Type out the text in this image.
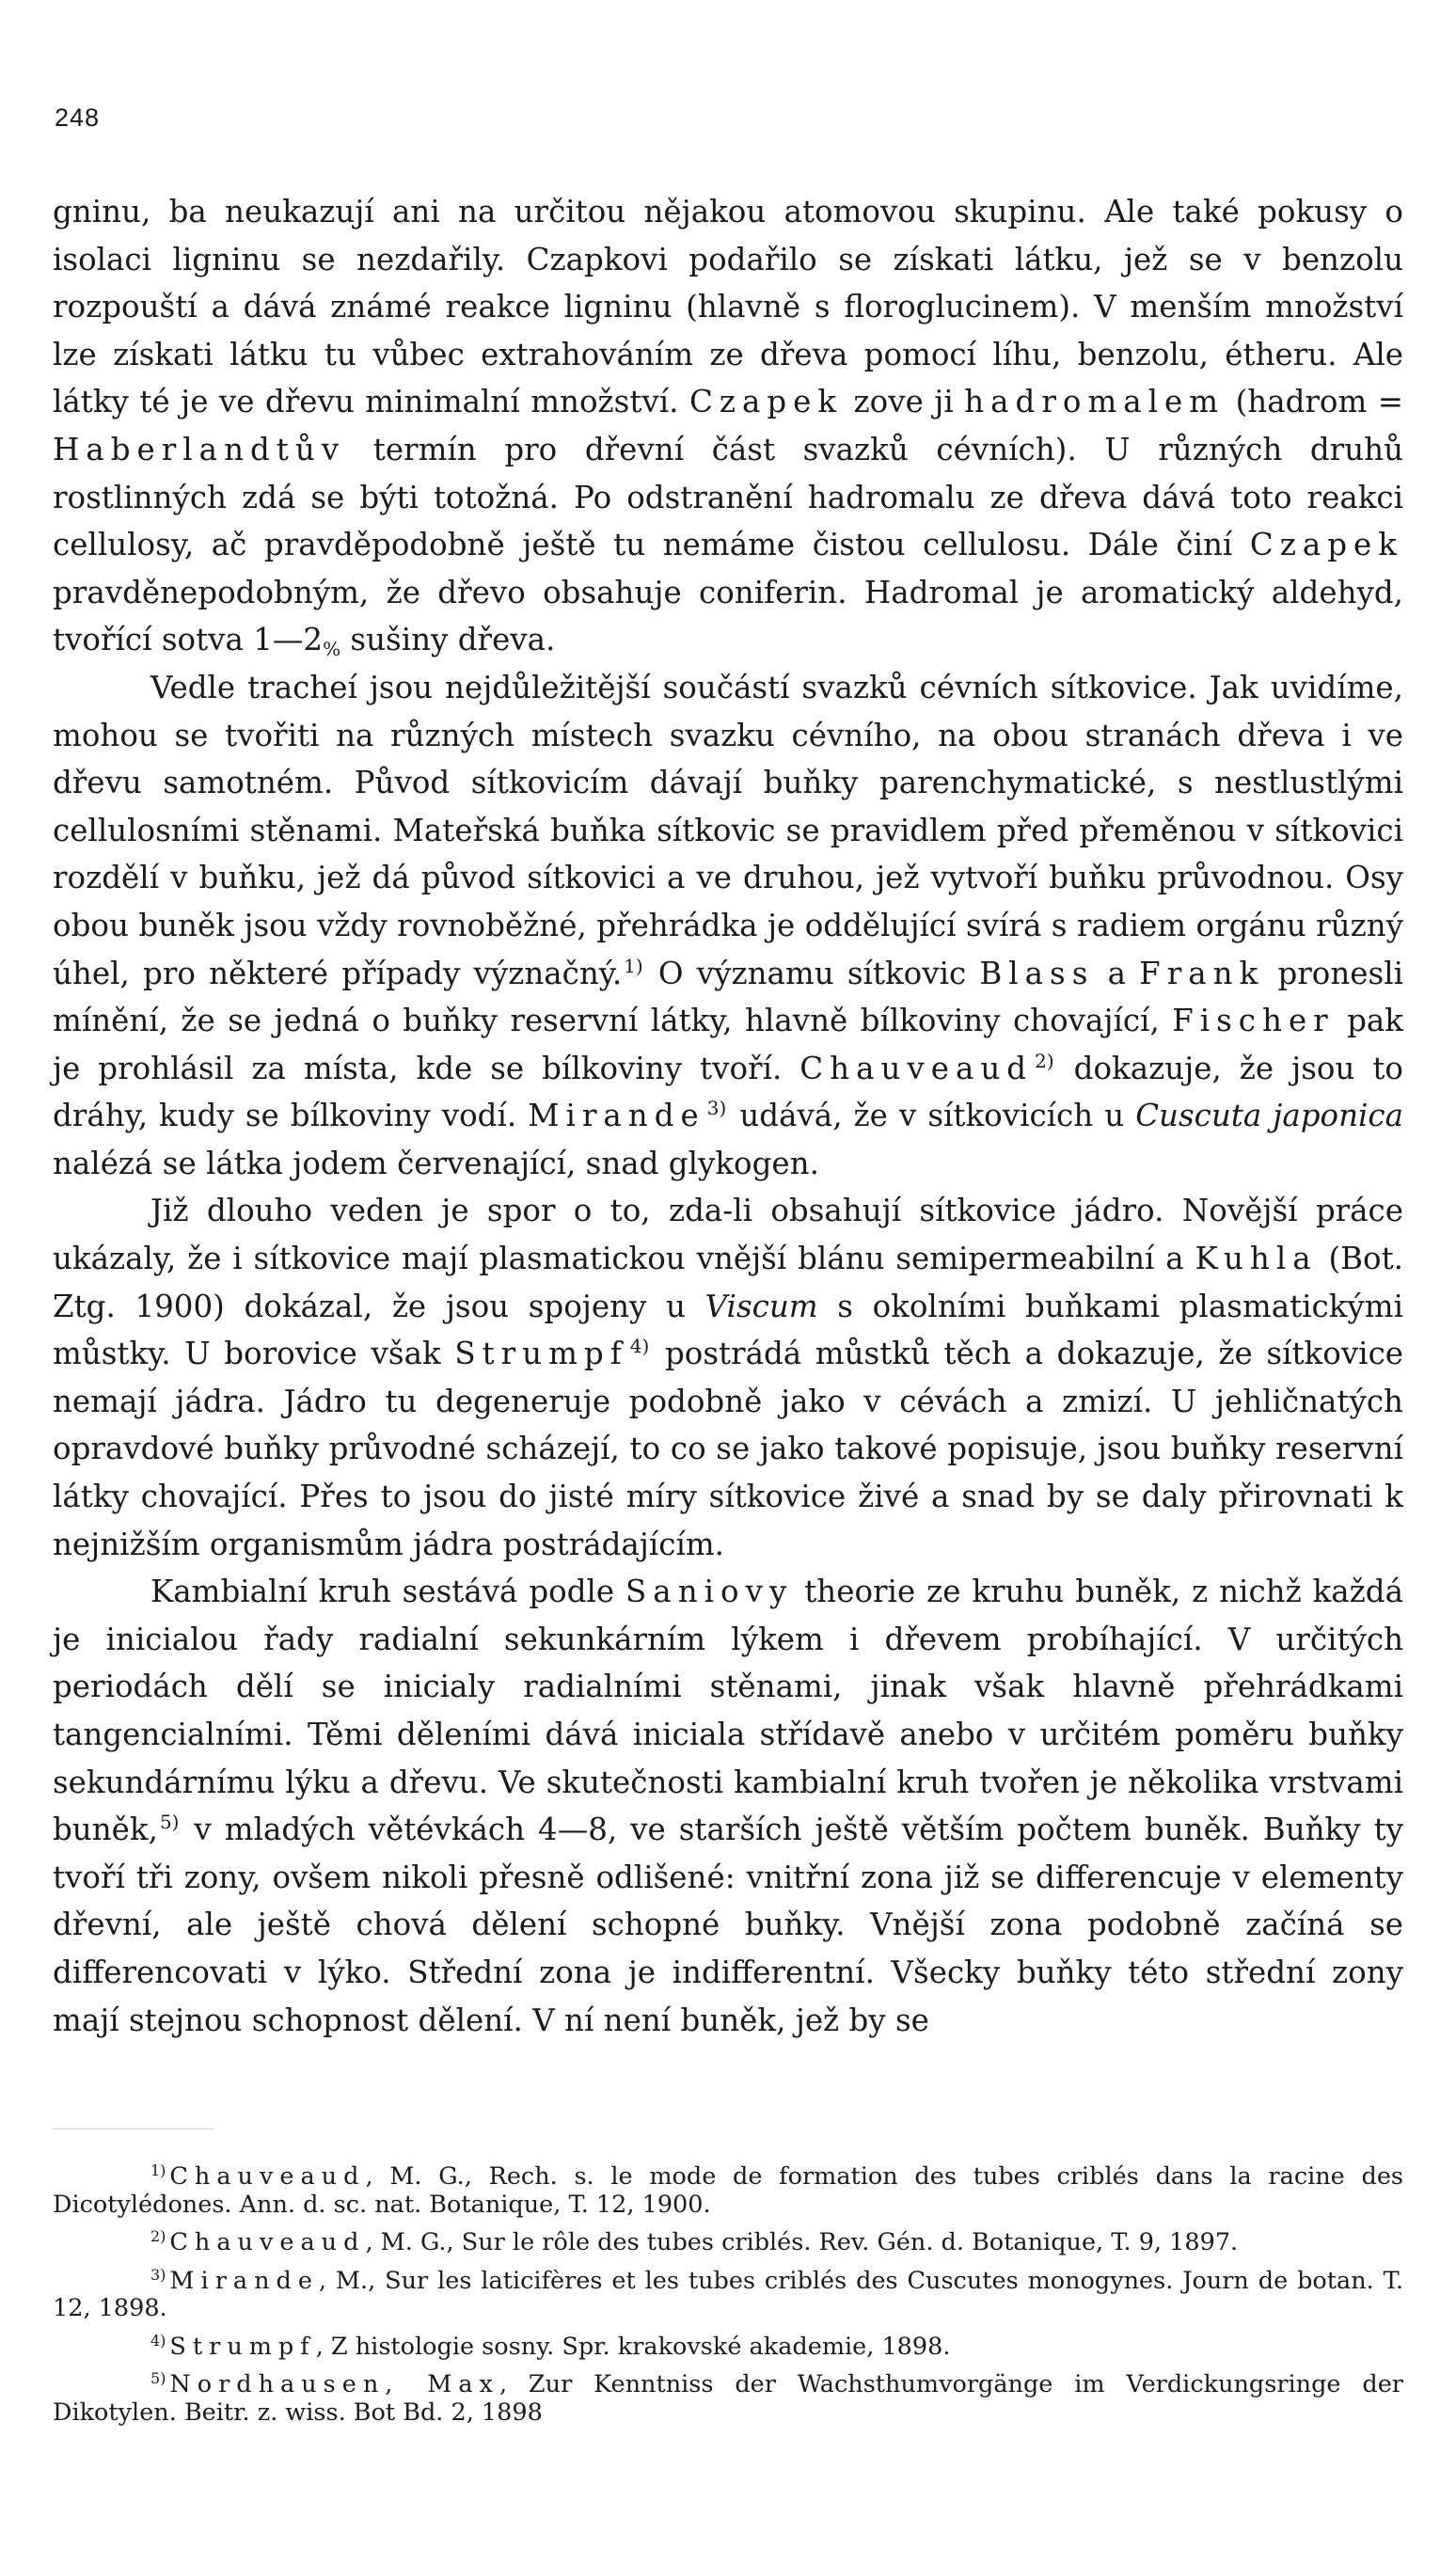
248

gninu, ba neukazují ani na určitou nějakou atomovou skupinu. Ale také pokusy o isolaci ligninu se nezdařily. Czapkovi podařilo se získati látku, jež se v benzolu rozpouští a dává známé reakce ligninu (hlavně s floroglucinem). V menším množství lze získati látku tu vůbec extrahováním ze dřeva pomocí líhu, benzolu, étheru. Ale látky té je ve dřevu minimalní množství. Czapek zove ji hadromalem (hadrom = Haberlandtův termín pro dřevní část svazků cévních). U různých druhů rostlinných zdá se býti totožná. Po odstranění hadromalu ze dřeva dává toto reakci cellulosy, ač pravděpodobně ještě tu nemáme čistou cellulosu. Dále činí Czapek pravděnepodobným, že dřevo obsahuje coniferin. Hadromal je aromatický aldehyd, tvořící sotva $1—2_{\%}$ sušiny dřeva.

Vedle tracheí jsou nejdůležitější součástí svazků cévních sítkovice. Jak uvidíme, mohou se tvořiti na různých místech svazku cévního, na obou stranách dřeva i ve dřevu samotném. Původ sítkovicím dávají buňky parenchymatické, s nestlustlými cellulosními stěnami. Mateřská buňka sítkovic se pravidlem před přeměnou v sítkovici rozdělí v buňku, jež dá původ sítkovici a ve druhou, jež vytvoří buňku průvodnou. Osy obou buněk jsou vždy rovnoběžné, přehrádka je oddělující svírá s radiem orgánu různý úhel, pro některé případy význačný. $^{1)}$ O významu sítkovic Blass a Frank pronesli mínění, že se jedná o buňky reservní látky, hlavně bílkoviny chovající, Fischer pak je prohlásil za místa, kde se bílkoviny tvoří. Chauveaud $^{2)}$ dokazuje, že jsou to dráhy, kudy se bílkoviny vodí. Mirande $^{3)}$ udává, že v sítkovicích u Cuscuta japonica nalézá se látka jodem červenající, snad glykogen.

Již dlouho veden je spor o to, zda-li obsahují sítkovice jádro. Novější práce ukázaly, že i sítkovice mají plasmatickou vnější blánu semipermeabilní a Kuhla (Bot. Ztg. 1900) dokázal, že jsou spojeny u Viscum s okolními buňkami plasmatickými můstky. U borovice však Strumpf $^{4)}$ postrádá můstků těch a dokazuje, že sítkovice nemají jádra. Jádro tu degeneruje podobně jako v cévách a zmizí. U jehličnatých opravdové buňky průvodné scházejí, to co se jako takové popisuje, jsou buňky reservní látky chovající. Přes to jsou do jisté míry sítkovice živé a snad by se daly přirovnati k nejnižším organismům jádra postrádajícím.

Kambialní kruh sestává podle Saniovy theorie ze kruhu buněk, z nichž každá je inicialou řady radialní sekunkárním lýkem i dřevem probíhající. V určitých periodách dělí se inicialy radialními stěnami, jinak však hlavně přehrádkami tangencialními. Těmi děleními dává iniciala střídavě anebo v určitém poměru buňky sekundárnímu lýku a dřevu. Ve skutečnosti kambialní kruh tvořen je několika vrstvami buněk, $^{5)}$ v mladých větévkách 4—8, ve starších ještě větším počtem buněk. Buňky ty tvoří tři zony, ovšem nikoli přesně odlišené: vnitřní zona již se differencuje v elementy dřevní, ale ještě chová dělení schopné buňky. Vnější zona podobně začíná se differencovati v lýko. Střední zona je indifferentní. Všecky buňky této střední zony mají stejnou schopnost dělení. V ní není buněk, jež by se

$^{1)}$ Chauveaud, M. G., Rech. s. le mode de formation des tubes criblés dans la racine des Dicotylédones. Ann. d. sc. nat. Botanique, T. 12, 1900.
$^{2)}$ Chauveaud, M. G., Sur le rôle des tubes criblés. Rev. Gén. d. Botanique, T. 9, 1897.
$^{3)}$ Mirande, M., Sur les laticifères et les tubes criblés des Cuscutes monogynes. Journ de botan. T. 12, 1898.
$^{4)}$ Strumpf, Z histologie sosny. Spr. krakovské akademie, 1898.
$^{5)}$ Nordhausen, Max, Zur Kenntniss der Wachsthumvorgänge im Verdickungsringe der Dikotylen. Beitr. z. wiss. Bot Bd. 2, 1898
